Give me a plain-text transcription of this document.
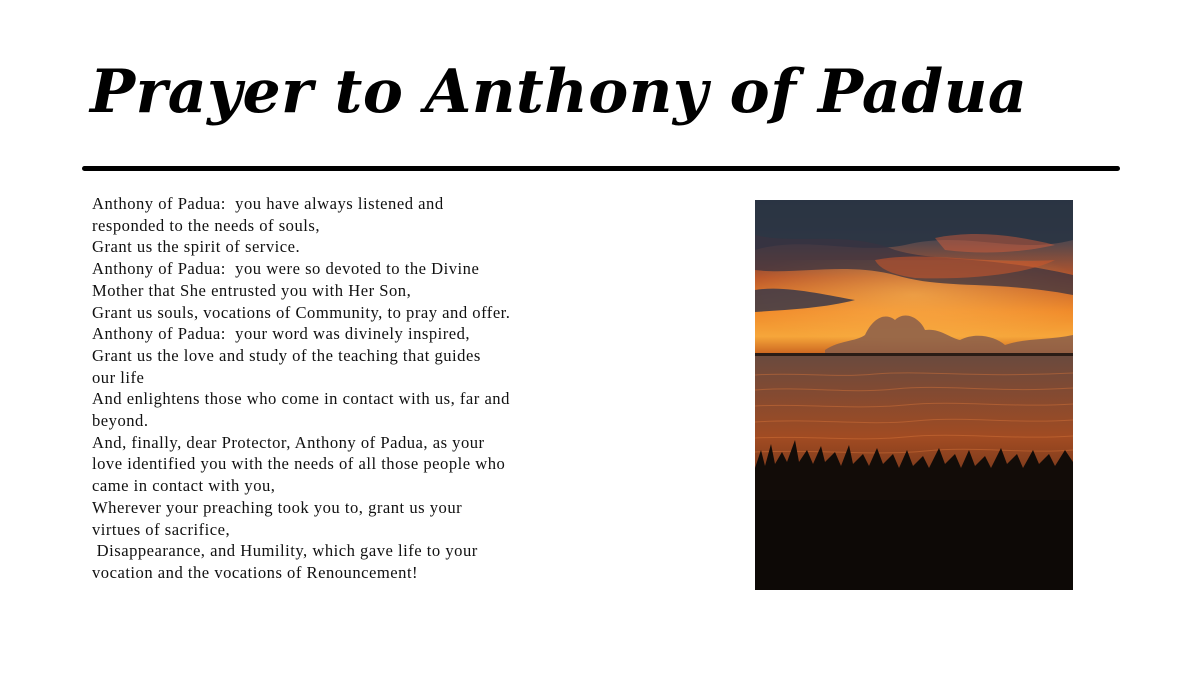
Prayer to Anthony of Padua
Anthony of Padua:  you have always listened and
responded to the needs of souls,
Grant us the spirit of service.
Anthony of Padua:  you were so devoted to the Divine
Mother that She entrusted you with Her Son,
Grant us souls, vocations of Community, to pray and offer.
Anthony of Padua:  your word was divinely inspired,
Grant us the love and study of the teaching that guides
our life
And enlightens those who come in contact with us, far and
beyond.
And, finally, dear Protector, Anthony of Padua, as your
love identified you with the needs of all those people who
came in contact with you,
Wherever your preaching took you to, grant us your
virtues of sacrifice,
Disappearance, and Humility, which gave life to your
vocation and the vocations of Renouncement!
